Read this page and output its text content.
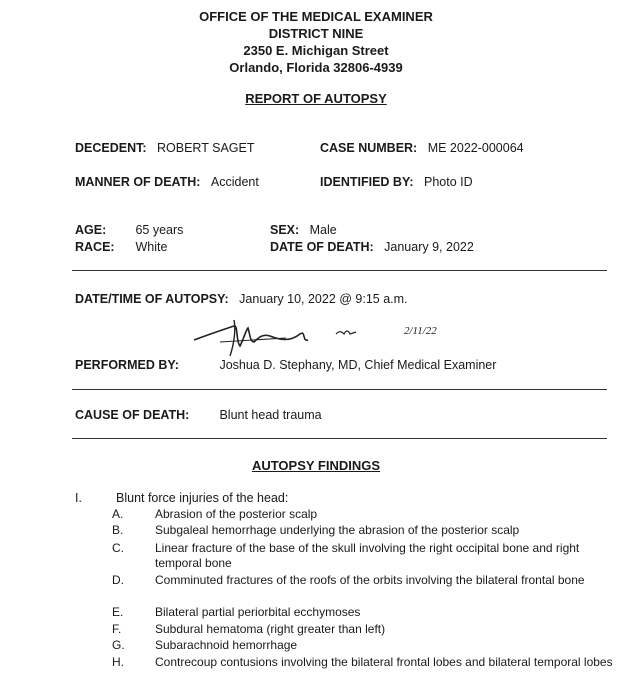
OFFICE OF THE MEDICAL EXAMINER
DISTRICT NINE
2350 E. Michigan Street
Orlando, Florida 32806-4939
REPORT OF AUTOPSY
DECEDENT: ROBERT SAGET	CASE NUMBER: ME 2022-000064
MANNER OF DEATH: Accident	IDENTIFIED BY: Photo ID
AGE: 65 years	SEX: Male
RACE: White	DATE OF DEATH: January 9, 2022
DATE/TIME OF AUTOPSY: January 10, 2022 @ 9:15 a.m.
2/11/22
PERFORMED BY:	Joshua D. Stephany, MD, Chief Medical Examiner
CAUSE OF DEATH: Blunt head trauma
AUTOPSY FINDINGS
I.	Blunt force injuries of the head:
A.	Abrasion of the posterior scalp
B.	Subgaleal hemorrhage underlying the abrasion of the posterior scalp
C.	Linear fracture of the base of the skull involving the right occipital bone and right temporal bone
D.	Comminuted fractures of the roofs of the orbits involving the bilateral frontal bone
E.	Bilateral partial periorbital ecchymoses
F.	Subdural hematoma (right greater than left)
G.	Subarachnoid hemorrhage
H.	Contrecoup contusions involving the bilateral frontal lobes and bilateral temporal lobes
